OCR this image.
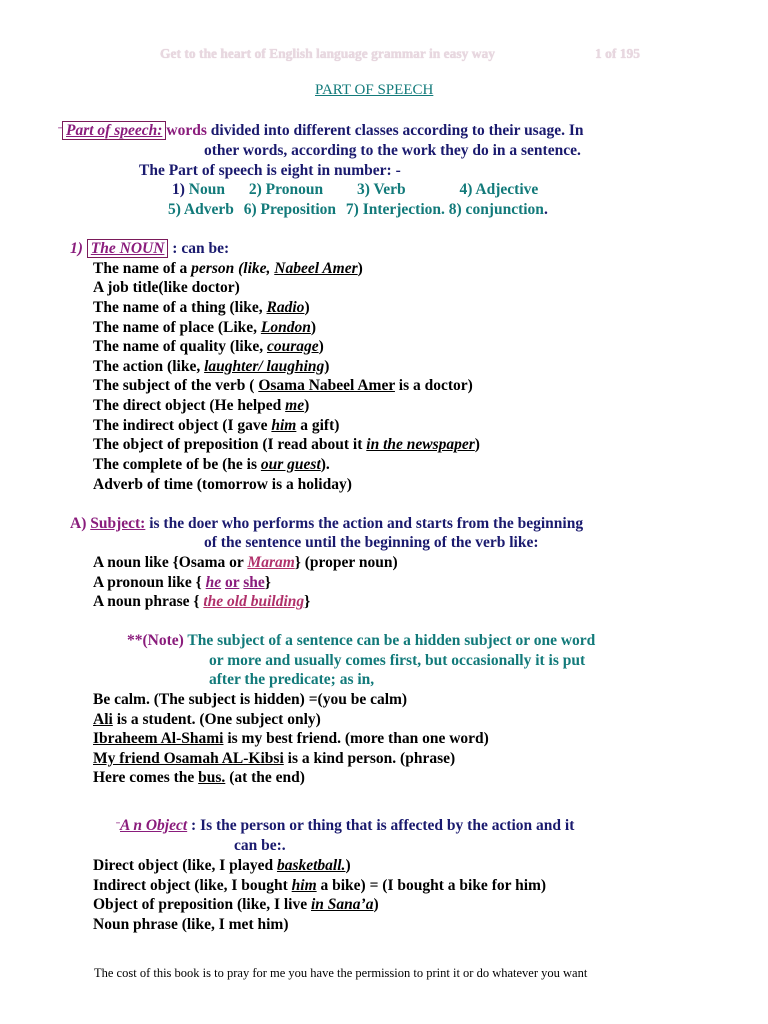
Get to the heart of English language grammar in easy way	1 of 195
PART OF SPEECH
¨ Part of speech: words divided into different classes according to their usage. In
other words, according to the work they do in a sentence.
The Part of speech is eight in number: -
1) Noun 2) Pronoun 3) Verb	4) Adjective
5) Adverb 6) Preposition 7) Interjection. 8) conjunction.
1) The NOUN : can be:
The name of a person (like, Nabeel Amer)
A job title(like doctor)
The name of a thing (like, Radio)
The name of place (Like, London)
The name of quality (like, courage)
The action (like, laughter/ laughing)
The subject of the verb ( Osama Nabeel Amer is a doctor)
The direct object (He helped me)
The indirect object (I gave him a gift)
The object of preposition (I read about it in the newspaper)
The complete of be (he is our guest).
Adverb of time (tomorrow is a holiday)
A) Subject: is the doer who performs the action and starts from the beginning
of the sentence until the beginning of the verb like:
A noun like {Osama or Maram} (proper noun)
A pronoun like { he or she}
A noun phrase { the old building}
**(Note) The subject of a sentence can be a hidden subject or one word
or more and usually comes first, but occasionally it is put
after the predicate; as in,
Be calm. (The subject is hidden) =(you be calm)
Ali is a student. (One subject only)
Ibraheem Al-Shami is my best friend. (more than one word)
My friend Osamah AL-Kibsi is a kind person. (phrase)
Here comes the bus. (at the end)
¨A n Object : Is the person or thing that is affected by the action and it
can be:.
Direct object (like, I played basketball.)
Indirect object (like, I bought him a bike) = (I bought a bike for him)
Object of preposition (like, I live in Sana’a)
Noun phrase (like, I met him)
The cost of this book is to pray for me you have the permission to print it or do whatever you want
